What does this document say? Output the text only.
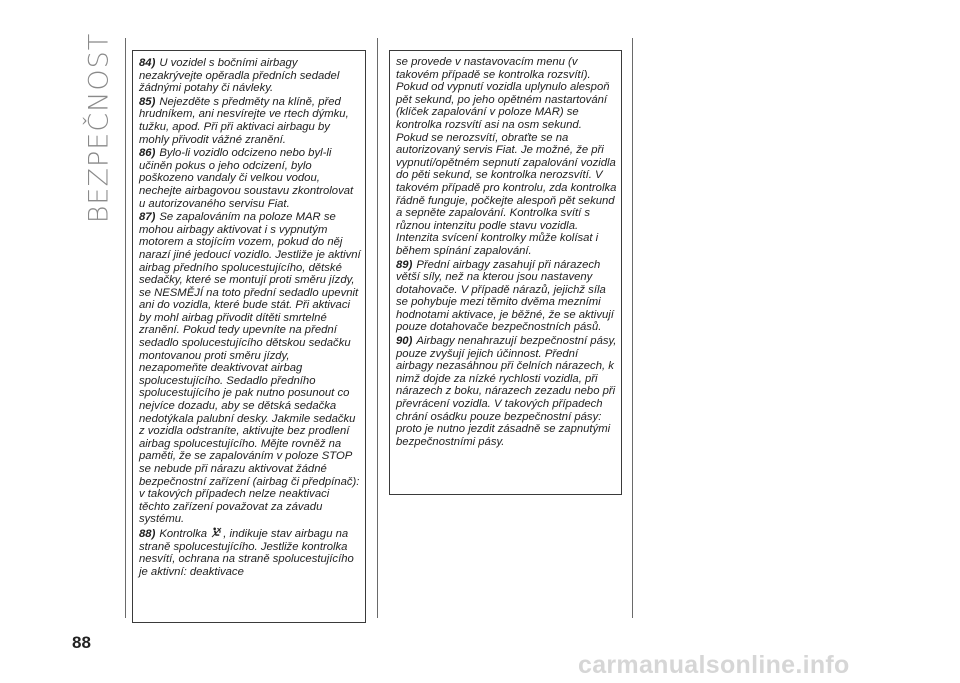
BEZPEČNOST 84) U vozidel s bočními airbagy nezakrývejte opěradla předních sedadel žádnými potahy či návleky.

85) Nejezděte s předměty na klíně, před hrudníkem, ani nesvírejte ve rtech dýmku, tužku, apod. Při při aktivaci airbagu by mohly přivodit vážné zranění.

86) Bylo-li vozidlo odcizeno nebo byl-li učiněn pokus o jeho odcizení, bylo poškozeno vandaly či velkou vodou, nechejte airbagovou soustavu zkontrolovat u autorizovaného servisu Fiat.

87) Se zapalováním na poloze MAR se mohou airbagy aktivovat i s vypnutým motorem a stojícím vozem, pokud do něj narazí jiné jedoucí vozidlo. Jestliže je aktivní airbag předního spolucestujícího, dětské sedačky, které se montují proti směru jízdy, se NESMĚJÍ na toto přední sedadlo upevnit ani do vozidla, které bude stát. Při aktivaci by mohl airbag přivodit dítěti smrtelné zranění. Pokud tedy upevníte na přední sedadlo spolucestujícího dětskou sedačku montovanou proti směru jízdy, nezapomeňte deaktivovat airbag spolucestujícího. Sedadlo předního spolucestujícího je pak nutno posunout co nejvíce dozadu, aby se dětská sedačka nedotýkala palubní desky. Jakmile sedačku z vozidla odstraníte, aktivujte bez prodlení airbag spolucestujícího. Mějte rovněž na paměti, že se zapalováním v poloze STOP se nebude při nárazu aktivovat žádné bezpečnostní zařízení (airbag či předpínač): v takových případech nelze neaktivaci těchto zařízení považovat za závadu systému.

88) Kontrolka , indikuje stav airbagu na straně spolucestujícího. Jestliže kontrolka nesvítí, ochrana na straně spolucestujícího je aktivní: deaktivace

se provede v nastavovacím menu (v takovém případě se kontrolka rozsvítí). Pokud od vypnutí vozidla uplynulo alespoň pět sekund, po jeho opětném nastartování (klíček zapalování v poloze MAR) se kontrolka rozsvítí asi na osm sekund. Pokud se nerozsvítí, obraťte se na autorizovaný servis Fiat. Je možné, že při vypnutí/opětném sepnutí zapalování vozidla do pěti sekund, se kontrolka nerozsvítí. V takovém případě pro kontrolu, zda kontrolka řádně funguje, počkejte alespoň pět sekund a sepněte zapalování. Kontrolka svítí s různou intenzitu podle stavu vozidla. Intenzita svícení kontrolky může kolísat i během spínání zapalování.

89) Přední airbagy zasahují při nárazech větší síly, než na kterou jsou nastaveny dotahovače. V případě nárazů, jejichž síla se pohybuje mezi těmito dvěma mezními hodnotami aktivace, je běžné, že se aktivují pouze dotahovače bezpečnostních pásů.

90) Airbagy nenahrazují bezpečnostní pásy, pouze zvyšují jejich účinnost. Přední airbagy nezasáhnou při čelních nárazech, k nimž dojde za nízké rychlosti vozidla, při nárazech z boku, nárazech zezadu nebo při převrácení vozidla. V takových případech chrání osádku pouze bezpečnostní pásy: proto je nutno jezdit zásadně se zapnutými bezpečnostními pásy.

88
carmanualsonline.info
